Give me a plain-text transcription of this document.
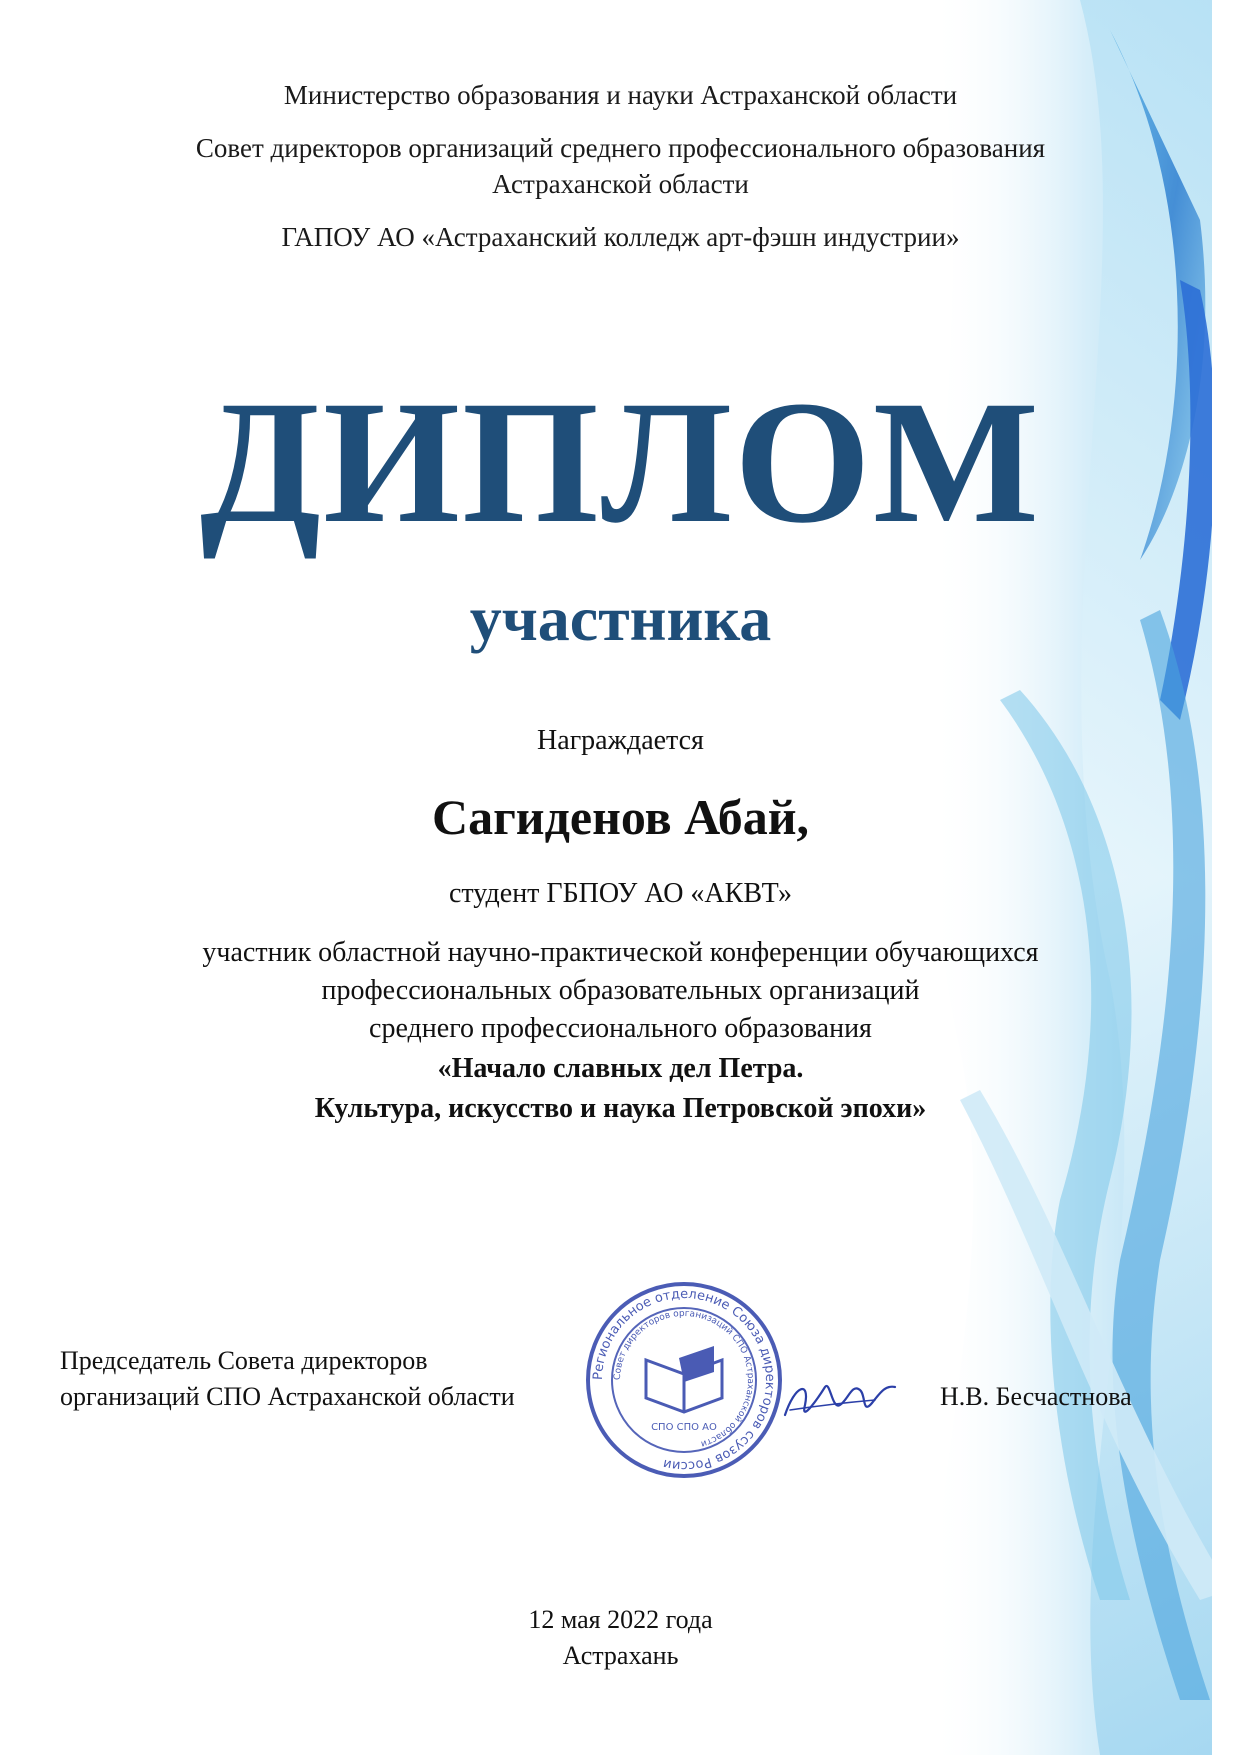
Министерство образования и науки Астраханской области
Совет директоров организаций среднего профессионального образования
Астраханской области
ГАПОУ АО «Астраханский колледж арт-фэшн индустрии»
ДИПЛОМ
участника
Награждается
Сагиденов Абай,
студент ГБПОУ АО «АКВТ»
участник областной научно-практической конференции обучающихся
профессиональных образовательных организаций
среднего профессионального образования
«Начало славных дел Петра.
Культура, искусство и наука Петровской эпохи»
Председатель Совета директоров
организаций СПО Астраханской области	Н.В. Бесчастнова
Региональное отделение Союза директоров ссузов России
Совет директоров организаций СПО Астраханской области
СПО СПО АО
12 мая 2022 года
Астрахань
